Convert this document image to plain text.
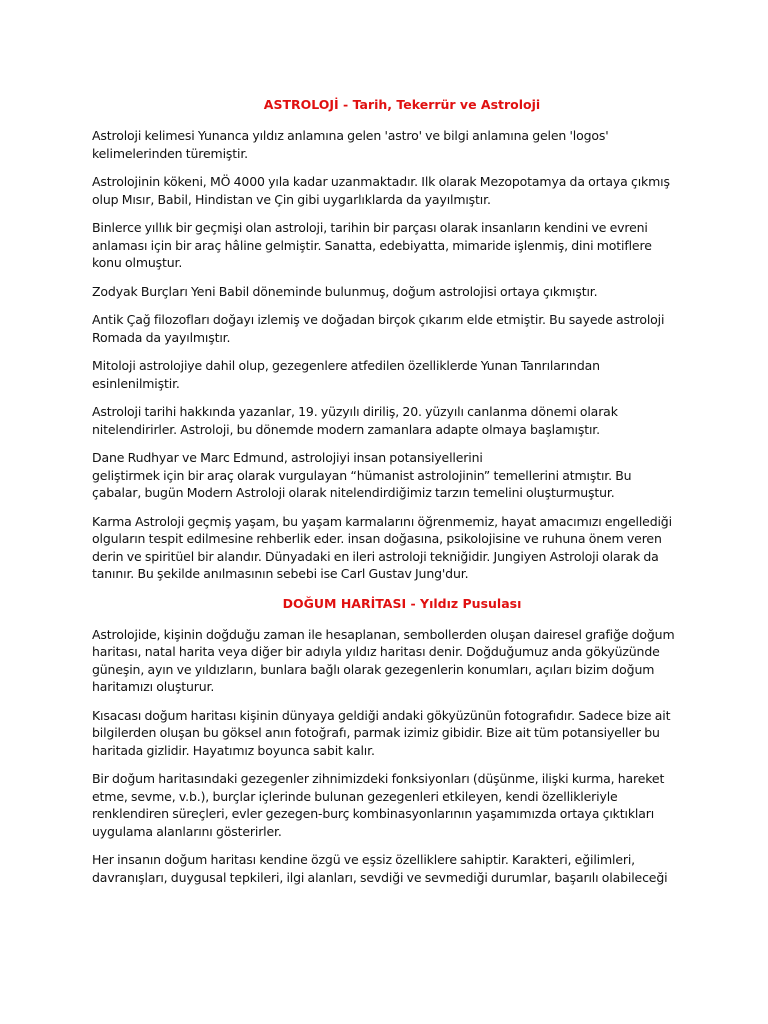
ASTROLOJİ - Tarih, Tekerrür ve Astroloji
Astroloji kelimesi Yunanca yıldız anlamına gelen 'astro' ve bilgi anlamına gelen 'logos'
kelimelerinden türemiştir.
Astrolojinin kökeni, MÖ 4000 yıla kadar uzanmaktadır. Ilk olarak Mezopotamya da ortaya çıkmış
olup Mısır, Babil, Hindistan ve Çin gibi uygarlıklarda da yayılmıştır.
Binlerce yıllık bir geçmişi olan astroloji, tarihin bir parçası olarak insanların kendini ve evreni
anlaması için bir araç hâline gelmiştir. Sanatta, edebiyatta, mimaride işlenmiş, dini motiflere
konu olmuştur.
Zodyak Burçları Yeni Babil döneminde bulunmuş, doğum astrolojisi ortaya çıkmıştır.
Antik Çağ filozofları doğayı izlemiş ve doğadan birçok çıkarım elde etmiştir. Bu sayede astroloji
Romada da yayılmıştır.
Mitoloji astrolojiye dahil olup, gezegenlere atfedilen özelliklerde Yunan Tanrılarından
esinlenilmiştir.
Astroloji tarihi hakkında yazanlar, 19. yüzyılı diriliş, 20. yüzyılı canlanma dönemi olarak
nitelendirirler. Astroloji, bu dönemde modern zamanlara adapte olmaya başlamıştır.
Dane Rudhyar ve Marc Edmund, astrolojiyi insan potansiyellerini
geliştirmek için bir araç olarak vurgulayan “hümanist astrolojinin” temellerini atmıştır. Bu
çabalar, bugün Modern Astroloji olarak nitelendirdiğimiz tarzın temelini oluşturmuştur.
Karma Astroloji geçmiş yaşam, bu yaşam karmalarını öğrenmemiz, hayat amacımızı engellediği
olguların tespit edilmesine rehberlik eder. insan doğasına, psikolojisine ve ruhuna önem veren
derin ve spiritüel bir alandır. Dünyadaki en ileri astroloji tekniğidir. Jungiyen Astroloji olarak da
tanınır. Bu şekilde anılmasının sebebi ise Carl Gustav Jung'dur.
DOĞUM HARİTASI - Yıldız Pusulası
Astrolojide, kişinin doğduğu zaman ile hesaplanan, sembollerden oluşan dairesel grafiğe doğum
haritası, natal harita veya diğer bir adıyla yıldız haritası denir. Doğduğumuz anda gökyüzünde
güneşin, ayın ve yıldızların, bunlara bağlı olarak gezegenlerin konumları, açıları bizim doğum
haritamızı oluşturur.
Kısacası doğum haritası kişinin dünyaya geldiği andaki gökyüzünün fotografıdır. Sadece bize ait
bilgilerden oluşan bu göksel anın fotoğrafı, parmak izimiz gibidir. Bize ait tüm potansiyeller bu
haritada gizlidir. Hayatımız boyunca sabit kalır.
Bir doğum haritasındaki gezegenler zihnimizdeki fonksiyonları (düşünme, ilişki kurma, hareket
etme, sevme, v.b.), burçlar içlerinde bulunan gezegenleri etkileyen, kendi özellikleriyle
renklendiren süreçleri, evler gezegen-burç kombinasyonlarının yaşamımızda ortaya çıktıkları
uygulama alanlarını gösterirler.
Her insanın doğum haritası kendine özgü ve eşsiz özelliklere sahiptir. Karakteri, eğilimleri,
davranışları, duygusal tepkileri, ilgi alanları, sevdiği ve sevmediği durumlar, başarılı olabileceği
